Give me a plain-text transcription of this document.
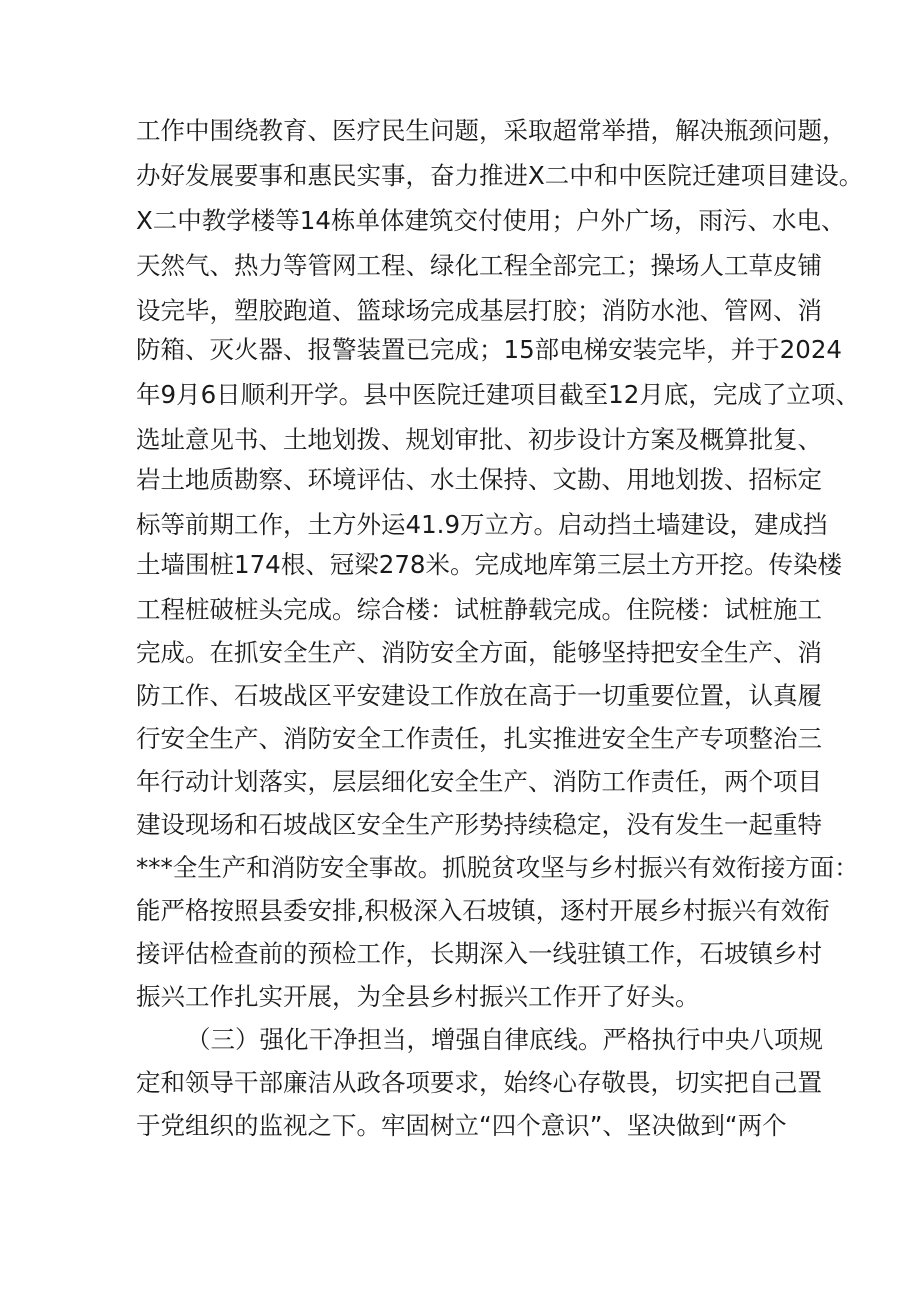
工作中围绕教育、医疗民生问题，采取超常举措，解决瓶颈问题，
办好发展要事和惠民实事，奋力推进X二中和中医院迁建项目建设。
X二中教学楼等14栋单体建筑交付使用；户外广场，雨污、水电、
天然气、热力等管网工程、绿化工程全部完工；操场人工草皮铺
设完毕，塑胶跑道、篮球场完成基层打胶；消防水池、管网、消
防箱、灭火器、报警装置已完成；15部电梯安装完毕，并于2024
年9月6日顺利开学。县中医院迁建项目截至12月底，完成了立项、
选址意见书、土地划拨、规划审批、初步设计方案及概算批复、
岩土地质勘察、环境评估、水土保持、文勘、用地划拨、招标定
标等前期工作，土方外运41.9万立方。启动挡土墙建设，建成挡
土墙围桩174根、冠梁278米。完成地库第三层土方开挖。传染楼
工程桩破桩头完成。综合楼：试桩静载完成。住院楼：试桩施工
完成。在抓安全生产、消防安全方面，能够坚持把安全生产、消
防工作、石坡战区平安建设工作放在高于一切重要位置，认真履
行安全生产、消防安全工作责任，扎实推进安全生产专项整治三
年行动计划落实，层层细化安全生产、消防工作责任，两个项目
建设现场和石坡战区安全生产形势持续稳定，没有发生一起重特
***全生产和消防安全事故。抓脱贫攻坚与乡村振兴有效衔接方面：
能严格按照县委安排,积极深入石坡镇，逐村开展乡村振兴有效衔
接评估检查前的预检工作，长期深入一线驻镇工作，石坡镇乡村
振兴工作扎实开展，为全县乡村振兴工作开了好头。
（三）强化干净担当，增强自律底线。严格执行中央八项规
定和领导干部廉洁从政各项要求，始终心存敬畏，切实把自己置
于党组织的监视之下。牢固树立“四个意识”、坚决做到“两个
